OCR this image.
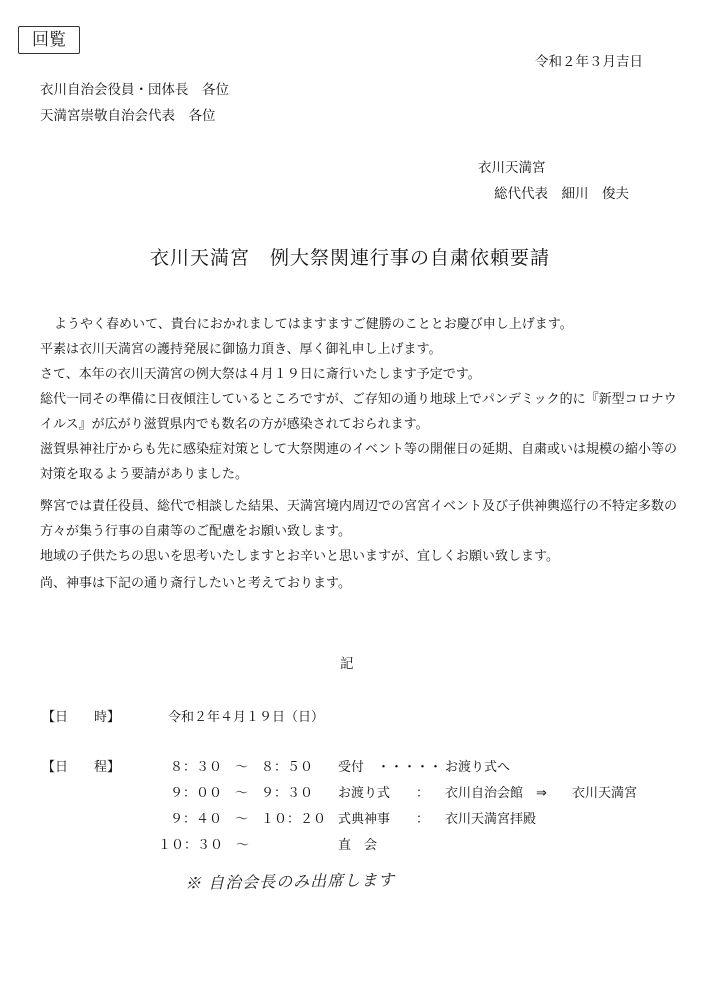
回覧
令和２年３月吉日
衣川自治会役員・団体長　各位
天満宮崇敬自治会代表　各位
衣川天満宮
総代代表　細川　俊夫
衣川天満宮　例大祭関連行事の自粛依頼要請
ようやく春めいて、貴台におかれましてはますますご健勝のこととお慶び申し上げます。
平素は衣川天満宮の護持発展に御協力頂き、厚く御礼申し上げます。
さて、本年の衣川天満宮の例大祭は４月１９日に斎行いたします予定です。
総代一同その準備に日夜傾注しているところですが、ご存知の通り地球上でパンデミック的に『新型コロナウ
イルス』が広がり滋賀県内でも数名の方が感染されておられます。
滋賀県神社庁からも先に感染症対策として大祭関連のイベント等の開催日の延期、自粛或いは規模の縮小等の
対策を取るよう要請がありました。
弊宮では責任役員、総代で相談した結果、天満宮境内周辺での宮宮イベント及び子供神輿巡行の不特定多数の
方々が集う行事の自粛等のご配慮をお願い致します。
地域の子供たちの思いを思考いたしますとお辛いと思いますが、宜しくお願い致します。
尚、神事は下記の通り斎行したいと考えております。
記
【日　　時】	令和２年４月１９日（日）
【日　　程】	８：３０　～　８：５０ 受付　・・・・・ お渡り式へ
９：００　～　９：３０ お渡り式　　： 衣川自治会館　⇒ 衣川天満宮
９：４０　～　１０：２０ 式典神事　　： 衣川天満宮拝殿
１０：３０　～	直　会
※ 自治会長のみ出席します
